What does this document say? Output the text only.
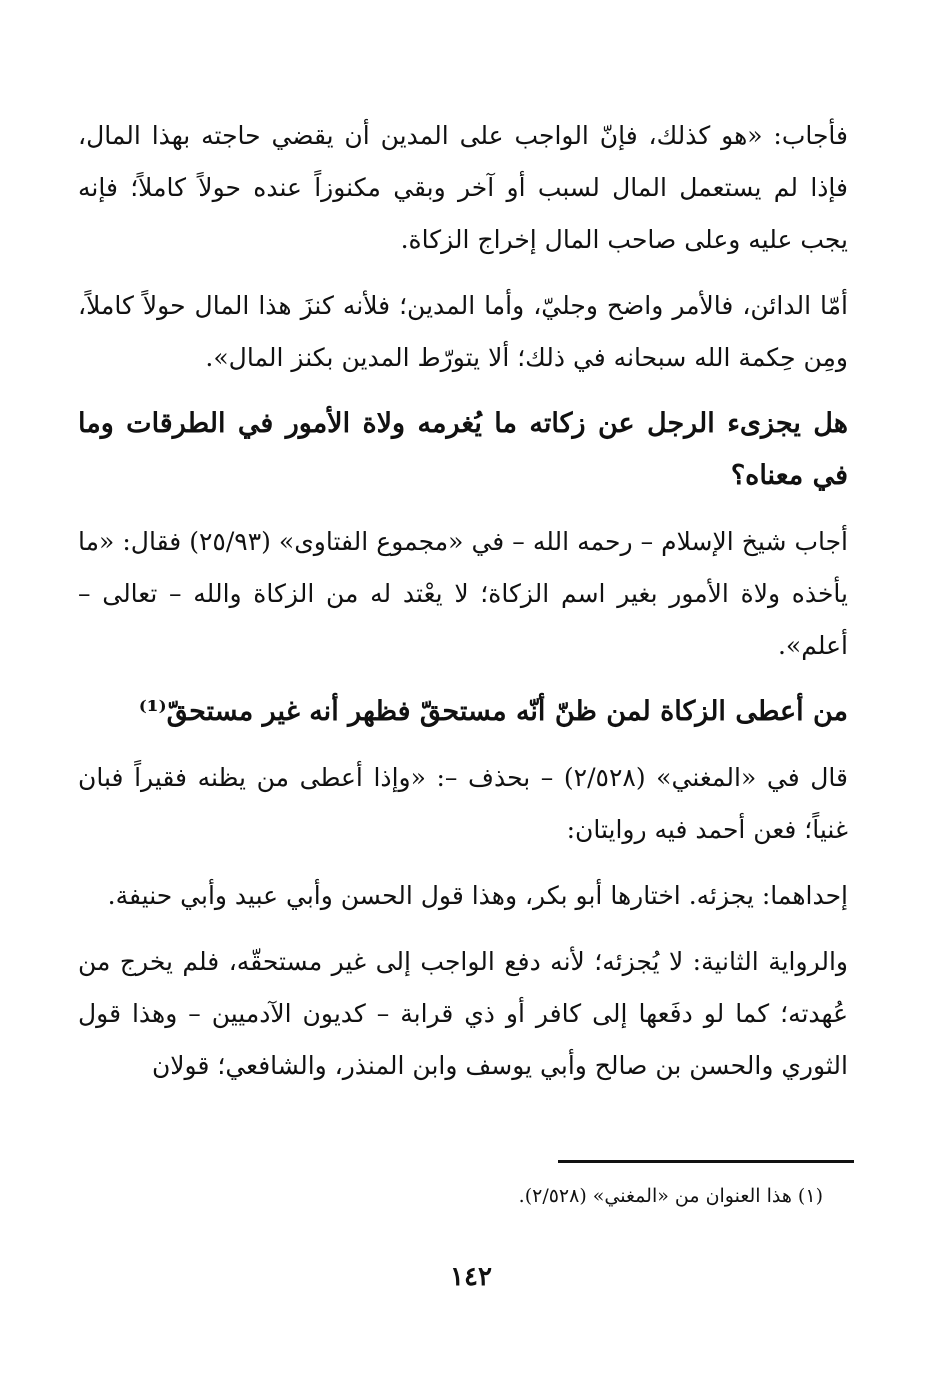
فأجاب: «هو كذلك، فإنّ الواجب على المدين أن يقضي حاجته بهذا المال، فإذا لم يستعمل المال لسبب أو آخر وبقي مكنوزاً عنده حولاً كاملاً؛ فإنه يجب عليه وعلى صاحب المال إخراج الزكاة.

أمّا الدائن، فالأمر واضح وجليّ، وأما المدين؛ فلأنه كنزَ هذا المال حولاً كاملاً، ومِن حِكمة الله سبحانه في ذلك؛ ألا يتورّط المدين بكنز المال».

هل يجزىء الرجل عن زكاته ما يُغرمه ولاة الأمور في الطرقات وما في معناه؟

أجاب شيخ الإسلام – رحمه الله – في «مجموع الفتاوى» (٢٥/٩٣) فقال: «ما يأخذه ولاة الأمور بغير اسم الزكاة؛ لا يعْتد له من الزكاة والله – تعالى – أعلم».

من أعطى الزكاة لمن ظنّ أنّه مستحقّ فظهر أنه غير مستحقّ⁽¹⁾

قال في «المغني» (٢/٥٢٨) – بحذف –: «وإذا أعطى من يظنه فقيراً فبان غنياً؛ فعن أحمد فيه روايتان:

إحداهما: يجزئه. اختارها أبو بكر، وهذا قول الحسن وأبي عبيد وأبي حنيفة.

والرواية الثانية: لا يُجزئه؛ لأنه دفع الواجب إلى غير مستحقّه، فلم يخرج من عُهدته؛ كما لو دفَعها إلى كافر أو ذي قرابة – كديون الآدميين – وهذا قول الثوري والحسن بن صالح وأبي يوسف وابن المنذر، والشافعي؛ قولان

(١) هذا العنوان من «المغني» (٢/٥٢٨).
١٤٢
